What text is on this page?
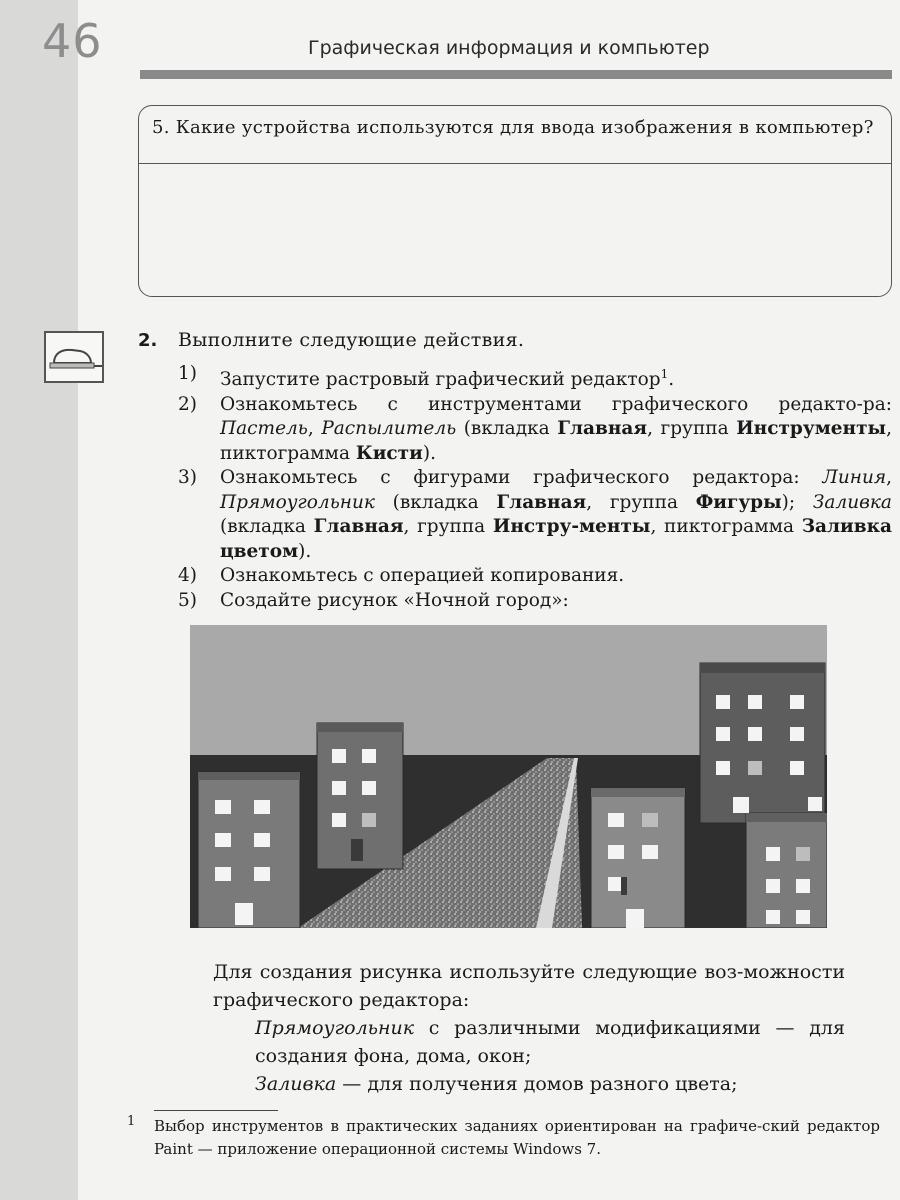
46	Графическая информация и компьютер
5. Какие устройства используются для ввода изображения в компьютер?
2. Выполните следующие действия.
1) Запустите растровый графический редактор$^1$.
2) Ознакомьтесь с инструментами графического редакто-ра: Пастель, Распылитель (вкладка Главная, группа Инструменты, пиктограмма Кисти).
3) Ознакомьтесь с фигурами графического редактора: Линия, Прямоугольник (вкладка Главная, группа Фигуры); Заливка (вкладка Главная, группа Инстру-менты, пиктограмма Заливка цветом).
4) Ознакомьтесь с операцией копирования.
5) Создайте рисунок «Ночной город»:

Для создания рисунка используйте следующие воз-можности графического редактора:

Прямоугольник с различными модификациями — для создания фона, дома, окон;

Заливка — для получения домов разного цвета;

1 Выбор инструментов в практических заданиях ориентирован на графиче-ский редактор Paint — приложение операционной системы Windows 7.
